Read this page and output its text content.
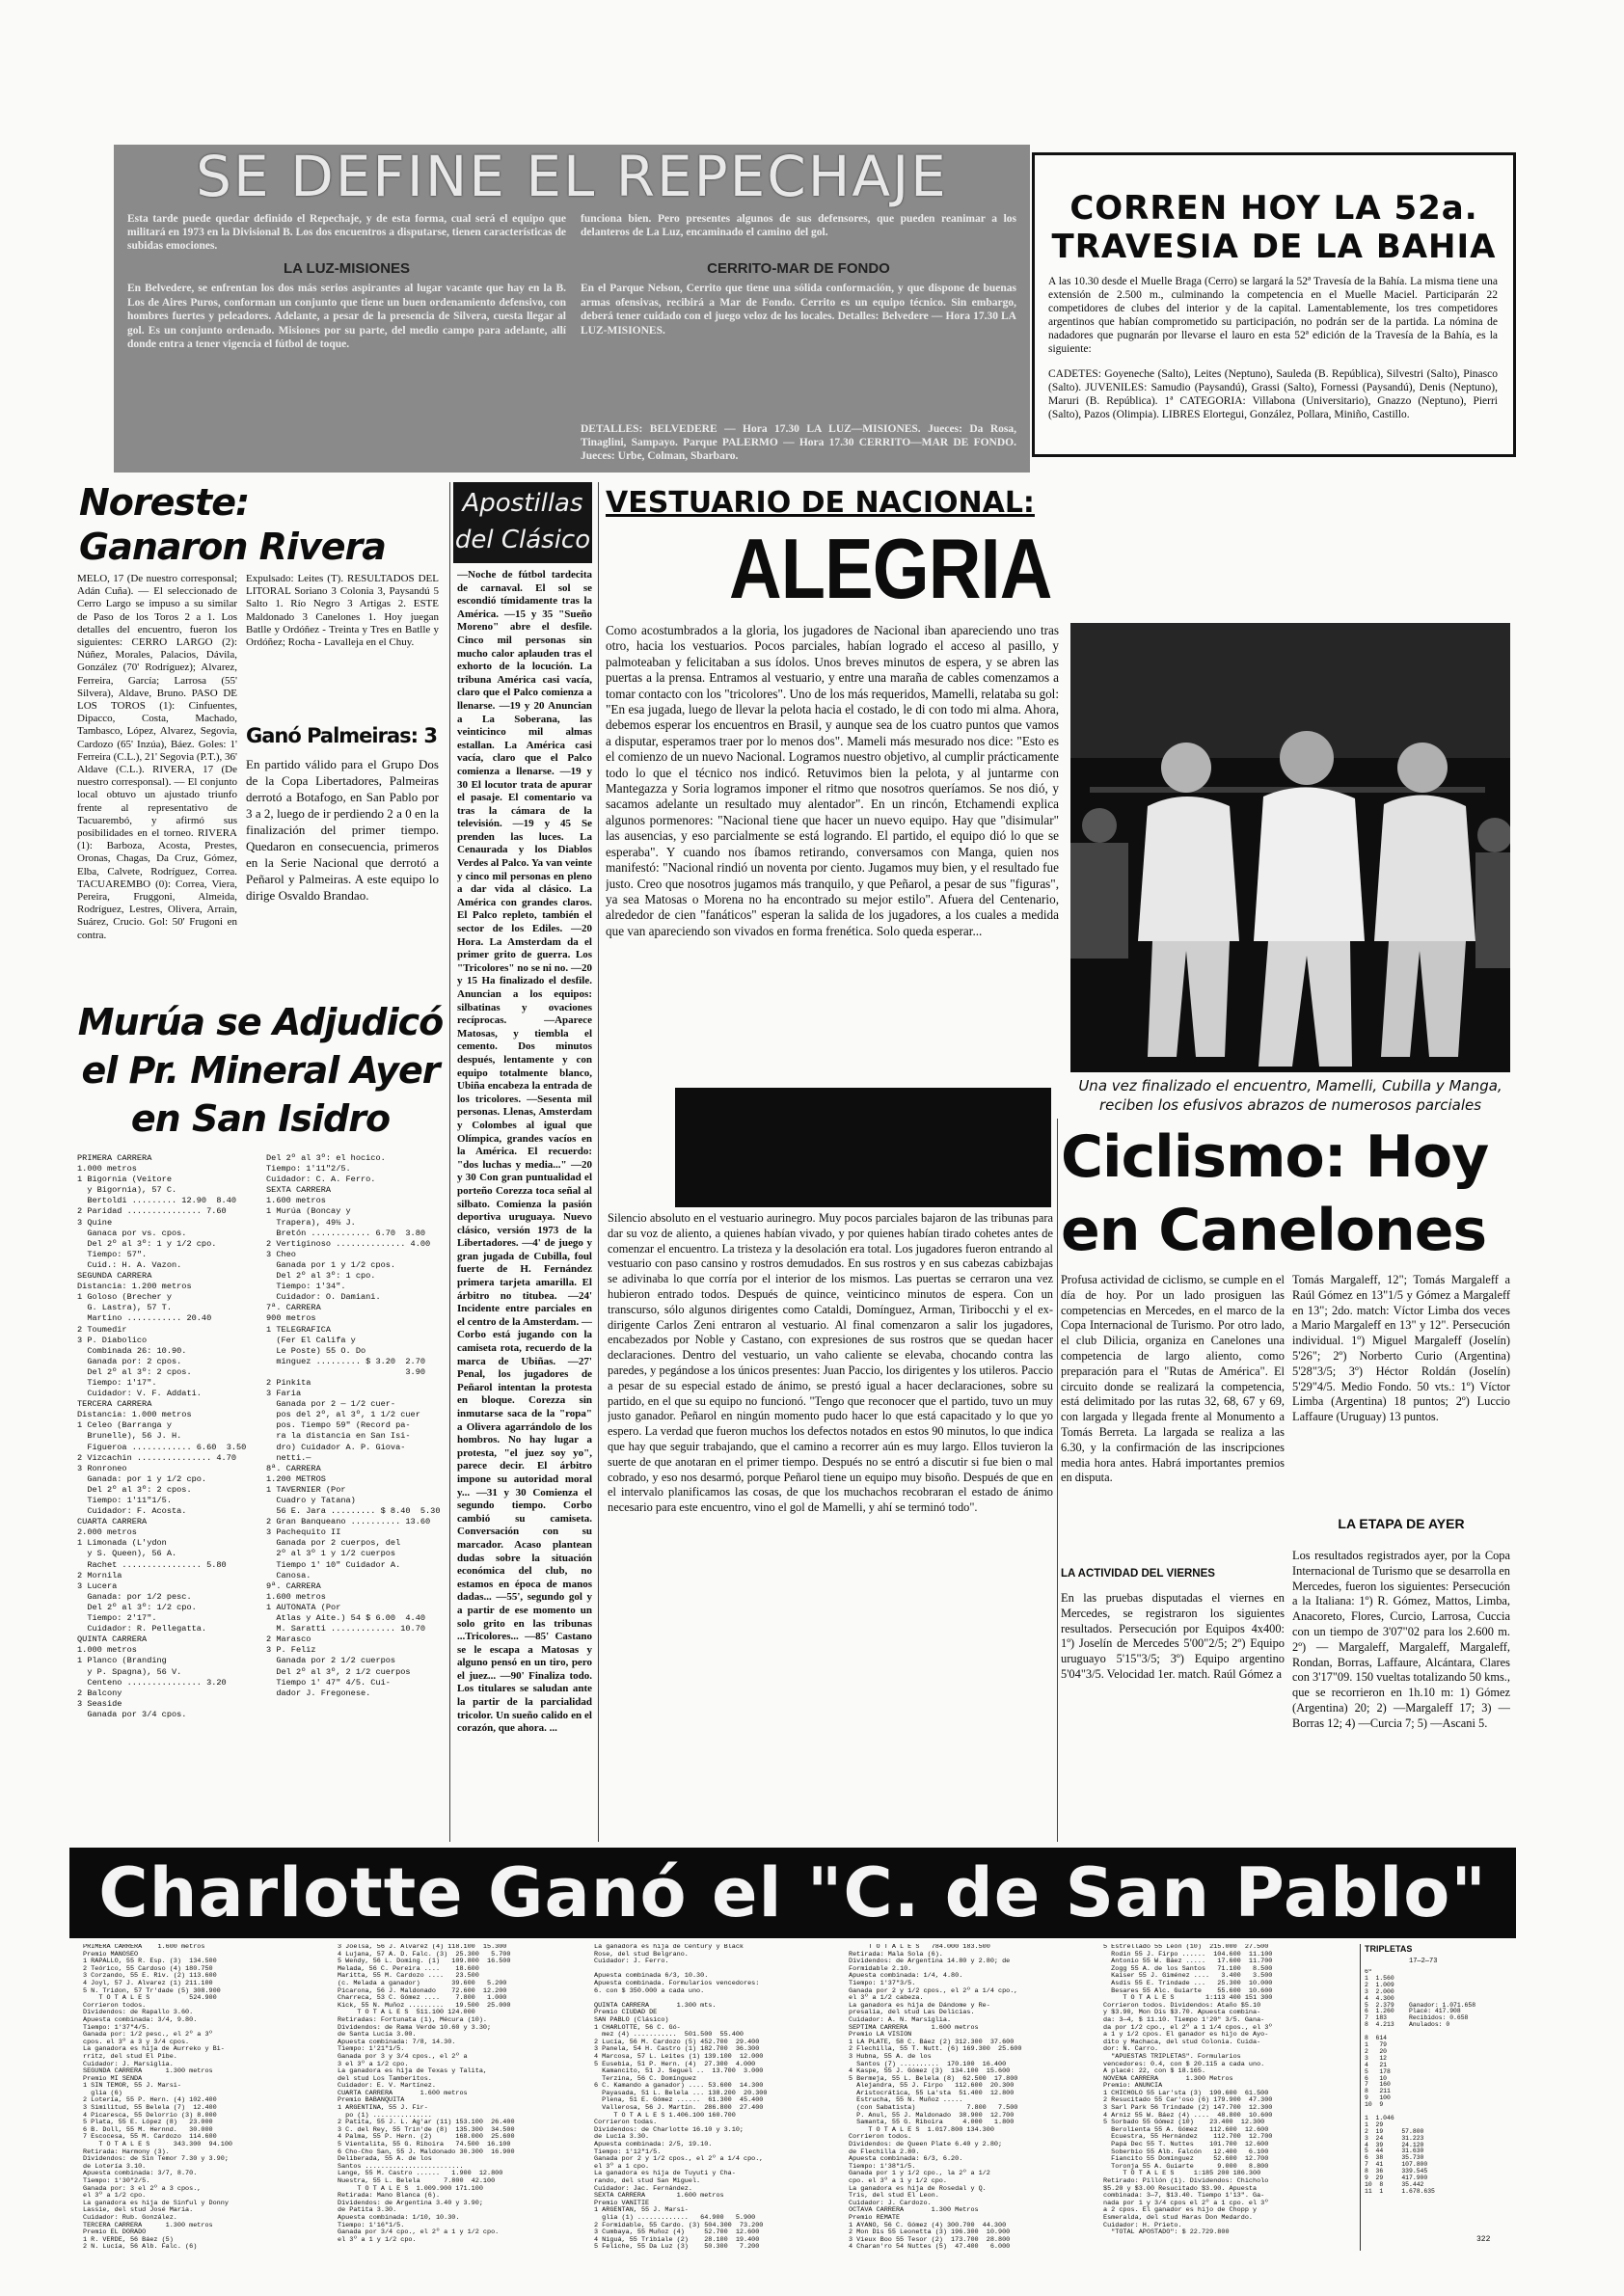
SE DEFINE EL REPECHAJE
Esta tarde puede quedar definido el Repechaje, y de esta forma, cual será el equipo que militará en 1973 en la Divisional B. Los dos encuentros a disputarse, tienen características de subidas emociones.
funciona bien. Pero presentes algunos de sus defensores, que pueden reanimar a los delanteros de La Luz, encaminado el camino del gol.
LA LUZ-MISIONES
En Belvedere, se enfrentan los dos más serios aspirantes al lugar vacante que hay en la B. Los de Aires Puros, conforman un conjunto que tiene un buen ordenamiento defensivo, con hombres fuertes y peleadores. Adelante, a pesar de la presencia de Silvera, cuesta llegar al gol. Es un conjunto ordenado. Misiones por su parte, del medio campo para adelante, allí donde entra a tener vigencia el fútbol de toque.
CERRITO-MAR DE FONDO
En el Parque Nelson, Cerrito que tiene una sólida conformación, y que dispone de buenas armas ofensivas, recibirá a Mar de Fondo. Cerrito es un equipo técnico. Sin embargo, deberá tener cuidado con el juego veloz de los locales. Detalles: Belvedere — Hora 17.30 LA LUZ-MISIONES.
DETALLES: BELVEDERE — Hora 17.30 LA LUZ—MISIONES. Jueces: Da Rosa, Tinaglini, Sampayo. Parque PALERMO — Hora 17.30 CERRITO—MAR DE FONDO. Jueces: Urbe, Colman, Sbarbaro.
CORREN HOY LA 52a.
TRAVESIA DE LA BAHIA
A las 10.30 desde el Muelle Braga (Cerro) se largará la 52ª Travesía de la Bahía. La misma tiene una extensión de 2.500 m., culminando la competencia en el Muelle Maciel. Participarán 22 competidores de clubes del interior y de la capital. Lamentablemente, los tres competidores argentinos que habían comprometido su participación, no podrán ser de la partida. La nómina de nadadores que pugnarán por llevarse el lauro en esta 52ª edición de la Travesía de la Bahía, es la siguiente:
CADETES: Goyeneche (Salto), Leites (Neptuno), Sauleda (B. República), Silvestri (Salto), Pinasco (Salto). JUVENILES: Samudio (Paysandú), Grassi (Salto), Fornessi (Paysandú), Denis (Neptuno), Maruri (B. República). 1ª CATEGORIA: Villabona (Universitario), Gnazzo (Neptuno), Pierri (Salto), Pazos (Olimpia). LIBRES Elortegui, González, Pollara, Miniño, Castillo.
Noreste: Ganaron Rivera
MELO, 17 (De nuestro corresponsal; Adán Cuña). — El seleccionado de Cerro Largo se impuso a su similar de Paso de los Toros 2 a 1. Los detalles del encuentro, fueron los siguientes: CERRO LARGO (2): Núñez, Morales, Palacios, Dávila, González (70' Rodríguez); Alvarez, Ferreira, García; Larrosa (55' Silvera), Aldave, Bruno. PASO DE LOS TOROS (1): Cinfuentes, Dipacco, Costa, Machado, Tambasco, López, Alvarez, Segovia, Cardozo (65' Inzúa), Báez. Goles: 1' Ferreira (C.L.), 21' Segovia (P.T.), 36' Aldave (C.L.). RIVERA, 17 (De nuestro corresponsal). — El conjunto local obtuvo un ajustado triunfo frente al representativo de Tacuarembó, y afirmó sus posibilidades en el torneo. RIVERA (1): Barboza, Acosta, Prestes, Oronas, Chagas, Da Cruz, Gómez, Elba, Calvete, Rodríguez, Correa. TACUAREMBO (0): Correa, Viera, Pereira, Fruggoni, Almeida, Rodríguez, Lestres, Olivera, Arrain, Suárez, Crucio. Gol: 50' Frugoni en contra.
Expulsado: Leites (T). RESULTADOS DEL LITORAL Soriano 3 Colonia 3, Paysandú 5 Salto 1. Río Negro 3 Artigas 2. ESTE Maldonado 3 Canelones 1. Hoy juegan Batlle y Ordóñez - Treinta y Tres en Batlle y Ordóñez; Rocha - Lavalleja en el Chuy.
Ganó Palmeiras: 3
En partido válido para el Grupo Dos de la Copa Libertadores, Palmeiras derrotó a Botafogo, en San Pablo por 3 a 2, luego de ir perdiendo 2 a 0 en la finalización del primer tiempo. Quedaron en consecuencia, primeros en la Serie Nacional que derrotó a Peñarol y Palmeiras. A este equipo lo dirige Osvaldo Brandao.
Murúa se Adjudicó
el Pr. Mineral Ayer
en San Isidro
PRIMERA CARRERA
1.000 metros
1 Bigornia (Veitore
y Bigornia), 57 C.
Bertoldi ......... 12.90  8.40
2 Paridad ............... 7.60
3 Quine
Ganaca por vs. cpos.
Del 2º al 3º: 1 y 1/2 cpo.
Tiempo: 57".
Cuid.: H. A. Vazon.
SEGUNDA CARRERA
Distancia: 1.200 metros
1 Goloso (Brecher y
G. Lastra), 57 T.
Martino ........... 20.40
2 Toumedir
3 P. Diabolico
Combinada 26: 10.90.
Ganada por: 2 cpos.
Del 2º al 3º: 2 cpos.
Tiempo: 1'17".
Cuidador: V. F. Addati.
TERCERA CARRERA
Distancia: 1.000 metros
1 Celeo (Barranga y
Brunelle), 56 J. H.
Figueroa ............ 6.60  3.50
2 Vizcachin ............... 4.70
3 Ronroneo
Ganada: por 1 y 1/2 cpo.
Del 2º al 3º: 2 cpos.
Tiempo: 1'11"1/5.
Cuidador: F. Acosta.
CUARTA CARRERA
2.000 metros
1 Limonada (L'ydon
y S. Queen), 56 A.
Rachet ................ 5.80
2 Mornila
3 Lucera
Ganada: por 1/2 pesc.
Del 2º al 3º: 1/2 cpo.
Tiempo: 2'17".
Cuidador: R. Pellegatta.
QUINTA CARRERA
1.000 metros
1 Planco (Branding
y P. Spagna), 56 V.
Centeno ............... 3.20
2 Balcony
3 Seaside
Ganada por 3/4 cpos.
Del 2º al 3º: el hocico.
Tiempo: 1'11"2/5.
Cuidador: C. A. Ferro.
SEXTA CARRERA
1.600 metros
1 Murúa (Boncay y
Trapera), 49½ J.
Bretón ............ 6.70  3.80
2 Vertiginoso .............. 4.00
3 Cheo
Ganada por 1 y 1/2 cpos.
Del 2º al 3º: 1 cpo.
Tiempo: 1'34".
Cuidador: O. Damiani.
7ª. CARRERA
900 metros
1 TELEGRAFICA
(Fer El Califa y
Le Poste) 55 O. Do
minguez ......... $ 3.20  2.70
3.90
2 Pinkita
3 Faria
Ganada por 2 — 1/2 cuer-
pos del 2º, al 3º, 1 1/2 cuer
pos. Tiempo 59" (Record pa-
ra la distancia en San Isi-
dro) Cuidador A. P. Giova-
netti.—
8ª. CARRERA
1.200 METROS
1 TAVERNIER (Por
Cuadro y Tatana)
56 E. Jara ......... $ 8.40  5.30
2 Gran Banqueano .......... 13.60
3 Pachequito II
Ganada por 2 cuerpos, del
2º al 3º 1 y 1/2 cuerpos
Tiempo 1' 10" Cuidador A.
Canosa.
9ª. CARRERA
1.600 metros
1 AUTONATA (Por
Atlas y Aite.) 54 $ 6.00  4.40
M. Saratti ............. 10.70
2 Marasco
3 P. Feliz
Ganada por 2 1/2 cuerpos
Del 2º al 3º, 2 1/2 cuerpos
Tiempo 1' 47" 4/5. Cui-
dador J. Fregonese.
Apostillas
del Clásico
—Noche de fútbol tardecita de carnaval. El sol se escondió tímidamente tras la América. —15 y 35 "Sueño Moreno" abre el desfile. Cinco mil personas sin mucho calor aplauden tras el exhorto de la locución. La tribuna América casi vacía, claro que el Palco comienza a llenarse. —19 y 20 Anuncian a La Soberana, las veinticinco mil almas estallan. La América casi vacía, claro que el Palco comienza a llenarse. —19 y 30 El locutor trata de apurar el pasaje. El comentario va tras la cámara de la televisión. —19 y 45 Se prenden las luces. La Cenaurada y los Diablos Verdes al Palco. Ya van veinte y cinco mil personas en pleno a dar vida al clásico. La América con grandes claros. El Palco repleto, también el sector de los Ediles. —20 Hora. La Amsterdam da el primer grito de guerra. Los "Tricolores" no se ni no. —20 y 15 Ha finalizado el desfile. Anuncian a los equipos: silbatinas y ovaciones recíprocas. —Aparece Matosas, y tiembla el cemento. Dos minutos después, lentamente y con equipo totalmente blanco, Ubiña encabeza la entrada de los tricolores. —Sesenta mil personas. Llenas, Amsterdam y Colombes al igual que Olímpica, grandes vacíos en la América. El recuerdo: "dos luchas y media..." —20 y 30 Con gran puntualidad el porteño Corezza toca señal al silbato. Comienza la pasión deportiva uruguaya. Nuevo clásico, versión 1973 de la Libertadores. —4' de juego y gran jugada de Cubilla, foul fuerte de H. Fernández primera tarjeta amarilla. El árbitro no titubea. —24' Incidente entre parciales en el centro de la Amsterdam. —Corbo está jugando con la camiseta rota, recuerdo de la marca de Ubiñas. —27' Penal, los jugadores de Peñarol intentan la protesta en bloque. Corezza sin inmutarse saca de la "ropa" a Olivera agarrándolo de los hombros. No hay lugar a protesta, "el juez soy yo", parece decir. El árbitro impone su autoridad moral y... —31 y 30 Comienza el segundo tiempo. Corbo cambió su camiseta. Conversación con su marcador. Acaso plantean dudas sobre la situación económica del club, no estamos en época de manos dadas... —55', segundo gol y a partir de ese momento un solo grito en las tribunas ...Tricolores... —85' Castano se le escapa a Matosas y alguno pensó en un tiro, pero el juez... —90' Finaliza todo. Los titulares se saludan ante la partir de la parcialidad tricolor. Un sueño calido en el corazón, que ahora. ...
VESTUARIO DE NACIONAL:
ALEGRIA
Como acostumbrados a la gloria, los jugadores de Nacional iban apareciendo uno tras otro, hacia los vestuarios. Pocos parciales, habían logrado el acceso al pasillo, y palmoteaban y felicitaban a sus ídolos. Unos breves minutos de espera, y se abren las puertas a la prensa. Entramos al vestuario, y entre una maraña de cables comenzamos a tomar contacto con los "tricolores". Uno de los más requeridos, Mamelli, relataba su gol: "En esa jugada, luego de llevar la pelota hacia el costado, le di con todo mi alma. Ahora, debemos esperar los encuentros en Brasil, y aunque sea de los cuatro puntos que vamos a disputar, esperamos traer por lo menos dos". Mameli más mesurado nos dice: "Esto es el comienzo de un nuevo Nacional. Logramos nuestro objetivo, al cumplir prácticamente todo lo que el técnico nos indicó. Retuvimos bien la pelota, y al juntarme con Mantegazza y Soria logramos imponer el ritmo que nosotros queríamos. Se nos dió, y sacamos adelante un resultado muy alentador". En un rincón, Etchamendi explica algunos pormenores: "Nacional tiene que hacer un nuevo equipo. Hay que "disimular" las ausencias, y eso parcialmente se está logrando. El partido, el equipo dió lo que se esperaba". Y cuando nos íbamos retirando, conversamos con Manga, quien nos manifestó: "Nacional rindió un noventa por ciento. Jugamos muy bien, y el resultado fue justo. Creo que nosotros jugamos más tranquilo, y que Peñarol, a pesar de sus "figuras", ya sea Matosas o Morena no ha encontrado su mejor estilo". Afuera del Centenario, alrededor de cien "fanáticos" esperan la salida de los jugadores, a los cuales a medida que van apareciendo son vivados en forma frenética. Solo queda esperar...
Una vez finalizado el encuentro, Mamelli, Cubilla y Manga, reciben los efusivos abrazos de numerosos parciales
Silencio absoluto en el vestuario aurinegro. Muy pocos parciales bajaron de las tribunas para dar su voz de aliento, a quienes habían vivado, y por quienes habían tirado cohetes antes de comenzar el encuentro. La tristeza y la desolación era total. Los jugadores fueron entrando al vestuario con paso cansino y rostros demudados. En sus rostros y en sus cabezas cabizbajas se adivinaba lo que corría por el interior de los mismos. Las puertas se cerraron una vez hubieron entrado todos. Después de quince, veinticinco minutos de espera. Con un transcurso, sólo algunos dirigentes como Cataldi, Domínguez, Arman, Tiribocchi y el ex-dirigente Carlos Zeni entraron al vestuario. Al final comenzaron a salir los jugadores, encabezados por Noble y Castano, con expresiones de sus rostros que se quedan hacer declaraciones. Dentro del vestuario, un vaho caliente se elevaba, chocando contra las paredes, y pegándose a los únicos presentes: Juan Paccio, los dirigentes y los utileros. Paccio a pesar de su especial estado de ánimo, se prestó igual a hacer declaraciones, sobre su partido, en el que su equipo no funcionó. "Tengo que reconocer que el partido, tuvo un muy justo ganador. Peñarol en ningún momento pudo hacer lo que está capacitado y lo que yo espero. La verdad que fueron muchos los defectos notados en estos 90 minutos, lo que indica que hay que seguir trabajando, que el camino a recorrer aún es muy largo. Ellos tuvieron la suerte de que anotaran en el primer tiempo. Después no se entró a discutir si fue bien o mal cobrado, y eso nos desarmó, porque Peñarol tiene un equipo muy bisoño. Después de que en el intervalo planificamos las cosas, de que los muchachos recobraran el estado de ánimo necesario para este encuentro, vino el gol de Mamelli, y ahí se terminó todo".
Ciclismo: Hoy
en Canelones
Profusa actividad de ciclismo, se cumple en el día de hoy. Por un lado prosiguen las competencias en Mercedes, en el marco de la Copa Internacional de Turismo. Por otro lado, el club Dilicia, organiza en Canelones una competencia de largo aliento, como preparación para el "Rutas de América". El circuito donde se realizará la competencia, está delimitado por las rutas 32, 68, 67 y 69, con largada y llegada frente al Monumento a Tomás Berreta. La largada se realiza a las 6.30, y la confirmación de las inscripciones media hora antes. Habrá importantes premios en disputa.
LA ACTIVIDAD DEL VIERNES
En las pruebas disputadas el viernes en Mercedes, se registraron los siguientes resultados. Persecución por Equipos 4x400: 1º) Joselín de Mercedes 5'00"2/5; 2º) Equipo uruguayo 5'15"3/5; 3º) Equipo argentino 5'04"3/5. Velocidad 1er. match. Raúl Gómez a
Tomás Margaleff, 12"; Tomás Margaleff a Raúl Gómez en 13"1/5 y Gómez a Margaleff en 13"; 2do. match: Víctor Limba dos veces a Mario Margaleff en 13" y 12". Persecución individual. 1º) Miguel Margaleff (Joselín) 5'26"; 2º) Norberto Curio (Argentina) 5'28"3/5; 3º) Héctor Roldán (Joselín) 5'29"4/5. Medio Fondo. 50 vts.: 1º) Víctor Limba (Argentina) 18 puntos; 2º) Luccio Laffaure (Uruguay) 13 puntos.
LA ETAPA DE AYER
Los resultados registrados ayer, por la Copa Internacional de Turismo que se desarrolla en Mercedes, fueron los siguientes: Persecución a la Italiana: 1º) R. Gómez, Mattos, Limba, Anacoreto, Flores, Curcio, Larrosa, Cuccia con un tiempo de 3'07"02 para los 2.600 m. 2º) — Margaleff, Margaleff, Margaleff, Rondan, Borras, Laffaure, Alcántara, Clares con 3'17"09. 150 vueltas totalizando 50 kms., que se recorrieron en 1h.10 m: 1) Gómez (Argentina) 20; 2) —Margaleff 17; 3) —Borras 12; 4) —Curcia 7; 5) —Ascani 5.
Charlotte Ganó el "C. de San Pablo"
PRIMERA CARRERA    1.600 metros
Premio MANOSEO
1 RAPALLO, 55 R. Esp. (3)  134.500
2 Teórico, 55 Cardoso (4) 180.750
3 Corzando, 55 E. Riv. (2) 113.600
4 Joyl, 57 J. Alvarez (1) 211.100
5 N. Tridon, 57 Tr'dade (5) 308.900
T O T A L E S          524.900
Corrieron todos.
Dividendos: de Rapallo 3.60.
Apuesta combinada: 3/4, 9.80.
Tiempo: 1'37"4/5.
Ganada por: 1/2 pesc., el 2º a 3º
cpos. el 3º a 3 y 3/4 cpos.
La ganadora es hija de Aurreko y Bi-
rritz, del stud El Pibe.
Cuidador: J. Marsiglia.
SEGUNDA CARRERA      1.300 metros
Premio MI SENDA
1 SIN TEMOR, 55 J. Marsi-
glia (6)
2 Lotería, 55 P. Hern. (4) 102.400
3 Similitud, 55 Belela (7)  12.400
4 Picaresca, 55 Delorrio (3) 8.000
5 Plata, 55 E. López (8)   23.000
6 B. Doll, 55 M. Hernnd.   30.000
7 Escocesa, 55 M. Cardozo  114.600
T O T A L E S      343.300  94.100
Retirada: Harmony (3).
Dividendos: de Sin Temor 7.30 y 3.90;
de Lotería 3.10.
Apuesta combinada: 3/7, 8.70.
Tiempo: 1'30"2/5.
Ganada por: 3 el 2º a 3 cpos.,
el 3º a 1/2 cpo.
La ganadora es hija de Sinful y Donny
Lassie, del stud José María.
Cuidador: Rub. González.
TERCERA CARRERA      1.300 metros
Premio EL DORADO
1 R. VERDE, 56 Báez (5)
2 N. Lucía, 56 Alb. Falc. (6)
3 Joelsa, 56 J. Alvarez (4) 118.100  15.300
4 Lujana, 57 A. D. Falc. (3)  25.300   5.700
5 Wendy, 56 L. Doming. (1)   109.800  16.500
Melada, 56 C. Pereira ....    18.600
Maritta, 55 M. Cardozo ....   23.500
(c. Melada a ganador)        39.600   5.200
Picarona, 56 J. Maldonado    72.600  12.200
Charreca, 53 C. Gómez ....    7.800   1.000
Kick, 55 N. Muñoz .........   19.500  25.000
T O T A L E S  511.100 124.000
Retiradas: Fortunata (1), Mécura (10).
Dividendos: de Rama Verde 10.60 y 3.30;
de Santa Lucía 3.00.
Apuesta combinada: 7/8, 14.30.
Tiempo: 1'21"1/5.
Ganada por 3 y 3/4 cpos., el 2º a
3 el 3º a 1/2 cpo.
La ganadora es hija de Texas y Talita,
del stud Los Tamberitos.
Cuidador: E. V. Martínez.
CUARTA CARRERA       1.600 metros
Premio BABANQUITA
1 ARGENTINA, 55 J. Fir-
po (1) ...............
2 Patita, 55 J. L. Ag'ar (11) 153.100  26.400
3 C. del Rey, 55 Trin'de (8)  135.300  34.500
4 Palma, 55 P. Hern. (2)      168.000  25.600
5 Vientalita, 55 G. Riboira   74.500  16.100
6 Cho-Cho San, 55 J. Maldonado 30.300  16.900
Deliberada, 55 A. de los
Santos .........................
Lange, 55 M. Castro ......   1.900  12.800
Nuestra, 55 L. Belela      7.800  42.100
T O T A L E S  1.009.900 171.100
Retirada: Mano Blanca (6).
Dividendos: de Argentina 3.40 y 3.90;
de Patita 3.30.
Apuesta combinada: 1/10, 10.30.
Tiempo: 1'16"1/5.
Ganada por 3/4 cpo., el 2º a 1 y 1/2 cpo.
el 3º a 1 y 1/2 cpo.
La ganadora es hija de Century y Black
Rose, del stud Belgrano.
Cuidador: J. Ferro.

Apuesta combinada 6/3, 10.30.
Apuesta combinada. Formularios vencedores:
6. con $ 350.000 a cada uno.

QUINTA CARRERA       1.300 mts.
Premio CIUDAD DE
SAN PABLO (Clásico)
1 CHARLOTTE, 56 C. Gó-
mez (4) ...........  501.500  55.400
2 Lucía, 56 M. Cardozo (5) 452.700  29.400
3 Panela, 54 H. Castro (1) 182.700  36.300
4 Marcosa, 57 L. Leites (1) 139.100  12.000
5 Eusebia, 51 P. Hern. (4)  27.300  4.000
Kamancito, 51 J. Seguel ..  13.700  3.000
Terzina, 56 C. Domínguez
6 C. Kamando a ganador) .... 53.600  14.300
Payasada, 51 L. Belela ... 138.200  20.300
Plena, 51 E. Gómez ......  61.300  45.400
Vallerosa, 56 J. Martín.  286.800  27.400
T O T A L E S 1.406.100 160.700
Corrieron todas.
Dividendos: de Charlotte 16.10 y 3.10;
de Lucía 3.30.
Apuesta combinada: 2/5, 19.10.
Tiempo: 1'12"1/5.
Ganada por 2 y 1/2 cpos., el 2º a 1/4 cpo.,
el 3º a 1 cpo.
La ganadora es hija de Tuyuti y Cha-
rando, del stud San Miguel.
Cuidador: Jac. Fernández.
SEXTA CARRERA        1.600 metros
Premio VANITIE
1 ARGENTAN, 55 J. Marsi-
glia (1) .............   64.900   5.900
2 Formidable, 55 Cardo. (3) 504.300  73.200
3 Cumbaya, 55 Muñoz (4)     52.700  12.600
4 Niguá, 55 Tribiale (2)    28.100  19.400
5 Feliche, 55 Da Luz (3)    50.300   7.200

T O T A L E S   784.000 183.500
Retirada: Mala Sola (6).
Dividendos: de Argentina 14.80 y 2.80; de
Formidable 2.10.
Apuesta combinada: 1/4, 4.80.
Tiempo: 1'37"3/5.
Ganada por 2 y 1/2 cpos., el 2º a 1/4 cpo.,
el 3º a 1/2 cabeza.
La ganadora es hija de Dándome y Re-
presalia, del stud Las Delicias.
Cuidador: A. N. Marsiglia.
SEPTIMA CARRERA      1.600 metros
Premio LA VISION
1 LA PLATE, 58 C. Báez (2) 312.300  37.600
2 Flechilla, 55 T. Nutt. (6) 169.300  25.600
3 Hubna, 55 A. de los
Santos (7) ..........  170.100  16.400
4 Kaspe, 55 J. Gómez (3)  134.100  15.600
5 Bermeja, 55 L. Belela (8)  62.500  17.800
Alejandra, 55 J. Firpo   112.600  20.300
Aristocrática, 55 La'sta  51.400  12.800
Estrucha, 55 N. Muñoz .....
(con Sabatista)             7.800   7.500
P. Anul, 55 J. Maldonado  38.900  12.700
Samanta, 55 G. Riboira     4.000   1.800
T O T A L E S  1.017.800 134.300
Corrieron todos.
Dividendos: de Queen Plate 6.40 y 2.80;
de Flechilla 2.80.
Apuesta combinada: 6/3, 6.20.
Tiempo: 1'38"1/5.
Ganada por 1 y 1/2 cpo., la 2º a 1/2
cpo. el 3º a 1 y 1/2 cpo.
La ganadora es hija de Rosedal y Q.
Tris, del stud El Leon.
Cuidador: J. Cardozo.
OCTAVA CARRERA       1.300 Metros
Premio REMATE
1 AYANO, 56 C. Gómez (4) 300.700  44.300
2 Mon Dis 55 Leonetta (3) 196.300  10.900
3 Vieux Boo 55 Tesor (2)  173.700  28.800
4 Charan'ro 54 Nuttes (5)  47.400   6.000
5 Estrellado 55 León (10)  215.000  27.500
Rodin 55 J. Firpo ......  104.600  11.100
Antonio 55 W. Báez .....   17.600  11.700
Zogg 55 A. de los Santos   71.100   8.500
Kaiser 55 J. Giménez ....   3.400   3.500
Asdis 55 E. Trindade ...   25.300  10.000
Besares 55 Alc. Guiarte    55.600  10.600
T O T A L E S        1:113 400 151 300
Corrieron todos. Dividendos: Ataño $5.10
y $3.90, Mon Dis $3.70. Apuesta combina-
da: 3—4, $ 11.10. Tiempo 1'20" 3/5. Gana-
da por 1/2 cpo., el 2º a 1 1/4 cpos., el 3º
a 1 y 1/2 cpos. El ganador es hijo de Ayo-
dito y Machaca, del stud Colonia. Cuida-
dor: N. Carro.
"APUESTAS TRIPLETAS". Formularios
vencedores: 0.4, con $ 20.115 a cada uno.
A placé: 22, con $ 18.165.
NOVENA CARRERA       1.300 Metros
Premio: ANUNCIA
1 CHICHOLO 55 Lar'sta (3)  190.600  61.500
2 Resucitado 55 Car'oso (6) 179.900  47.300
3 Sarl Park 56 Trindade (2) 147.700  12.300
4 Arniz 55 W. Báez (4) ....  48.800  10.600
5 Sorbado 55 Gómez (10)    23.400  12.300
Berolienta 55 A. Gómez   112.600  12.600
Ecuestra, 55 Hernández    112.700  12.700
Papá Dec 55 T. Nuttes    101.700  12.600
Soberbio 55 Alb. Falcón   12.400   6.100
Fiancito 55 Domínguez     52.600  12.700
Toronja 55 A. Guiarte      9.000   8.800
T O T A L E S     1:185 200 186.300
Retirado: Pillón (1). Dividendos: Chicholo
$5.20 y $3.00 Resucitado $3.90. Apuesta
combinada: 3—7, $13.40. Tiempo 1'13". Ga-
nada por 1 y 3/4 cpos el 2º a 1 cpo. el 3º
a 2 cpos. El ganador es hijo de Chopp y
Esmeralda, del stud Haras Don Medardo.
Cuidador: H. Prieto.
"TOTAL APOSTADO": $ 22.729.800
TRIPLETAS
17—2—73
6º
1  1.560
2  1.009
3  2.000
4  4.300
5  2.379    Ganador: 1.071.658
6  1.260    Placé: 417.908
7  183      Recibidos: 0.658
8  4.213    Anulados: 0

8  614
1   79
2   20
3   12
4   21
5   178
6   10
7   160
8   211
9   100
10  9

1  1.046
1  29
2  19     57.800
3  24     31.223
4  39     24.120
5  44     31.630
6  38     35.730
7  41     107.800
8  36     339.545
9  29     417.900
10  8     35.442
11  1     1.678.635
322
